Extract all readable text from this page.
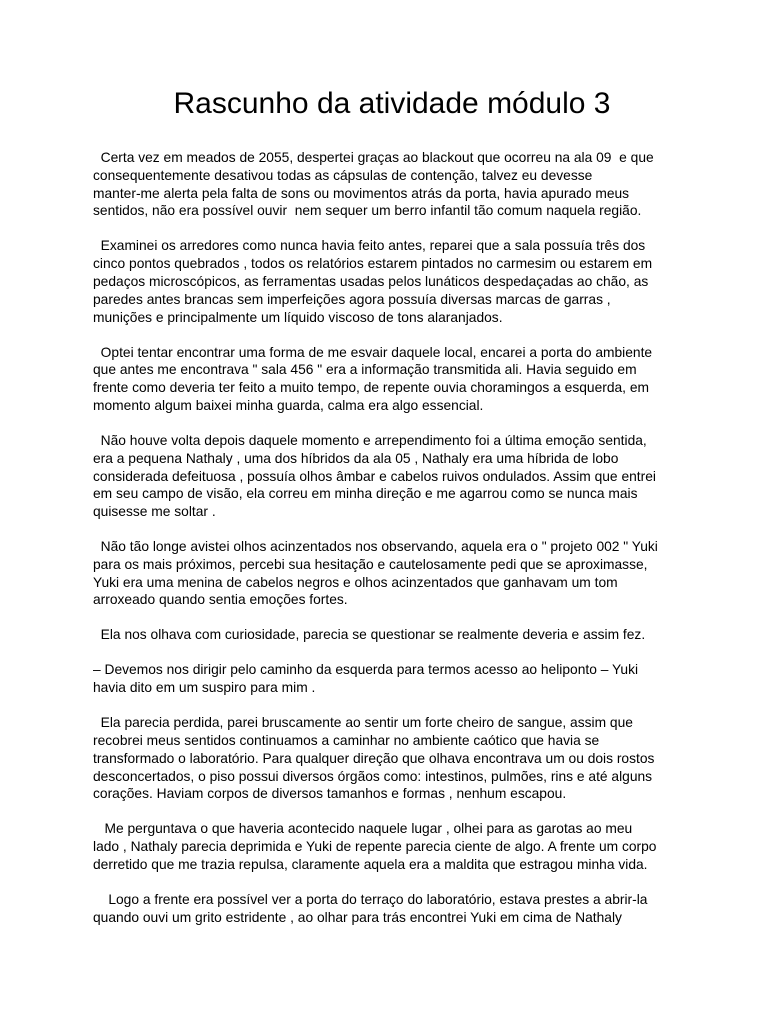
Rascunho da atividade módulo 3
Certa vez em meados de 2055, despertei graças ao blackout que ocorreu na ala 09  e que
consequentemente desativou todas as cápsulas de contenção, talvez eu devesse
manter-me alerta pela falta de sons ou movimentos atrás da porta, havia apurado meus
sentidos, não era possível ouvir  nem sequer um berro infantil tão comum naquela região.
Examinei os arredores como nunca havia feito antes, reparei que a sala possuía três dos
cinco pontos quebrados , todos os relatórios estarem pintados no carmesim ou estarem em
pedaços microscópicos, as ferramentas usadas pelos lunáticos despedaçadas ao chão, as
paredes antes brancas sem imperfeições agora possuía diversas marcas de garras ,
munições e principalmente um líquido viscoso de tons alaranjados.
Optei tentar encontrar uma forma de me esvair daquele local, encarei a porta do ambiente
que antes me encontrava " sala 456 " era a informação transmitida ali. Havia seguido em
frente como deveria ter feito a muito tempo, de repente ouvia choramingos a esquerda, em
momento algum baixei minha guarda, calma era algo essencial.
Não houve volta depois daquele momento e arrependimento foi a última emoção sentida,
era a pequena Nathaly , uma dos híbridos da ala 05 , Nathaly era uma híbrida de lobo
considerada defeituosa , possuía olhos âmbar e cabelos ruivos ondulados. Assim que entrei
em seu campo de visão, ela correu em minha direção e me agarrou como se nunca mais
quisesse me soltar .
Não tão longe avistei olhos acinzentados nos observando, aquela era o " projeto 002 " Yuki
para os mais próximos, percebi sua hesitação e cautelosamente pedi que se aproximasse,
Yuki era uma menina de cabelos negros e olhos acinzentados que ganhavam um tom
arroxeado quando sentia emoções fortes.
Ela nos olhava com curiosidade, parecia se questionar se realmente deveria e assim fez.
– Devemos nos dirigir pelo caminho da esquerda para termos acesso ao heliponto – Yuki
havia dito em um suspiro para mim .
Ela parecia perdida, parei bruscamente ao sentir um forte cheiro de sangue, assim que
recobrei meus sentidos continuamos a caminhar no ambiente caótico que havia se
transformado o laboratório. Para qualquer direção que olhava encontrava um ou dois rostos
desconcertados, o piso possui diversos órgãos como: intestinos, pulmões, rins e até alguns
corações. Haviam corpos de diversos tamanhos e formas , nenhum escapou.
Me perguntava o que haveria acontecido naquele lugar , olhei para as garotas ao meu
lado , Nathaly parecia deprimida e Yuki de repente parecia ciente de algo. A frente um corpo
derretido que me trazia repulsa, claramente aquela era a maldita que estragou minha vida.
Logo a frente era possível ver a porta do terraço do laboratório, estava prestes a abrir-la
quando ouvi um grito estridente , ao olhar para trás encontrei Yuki em cima de Nathaly
